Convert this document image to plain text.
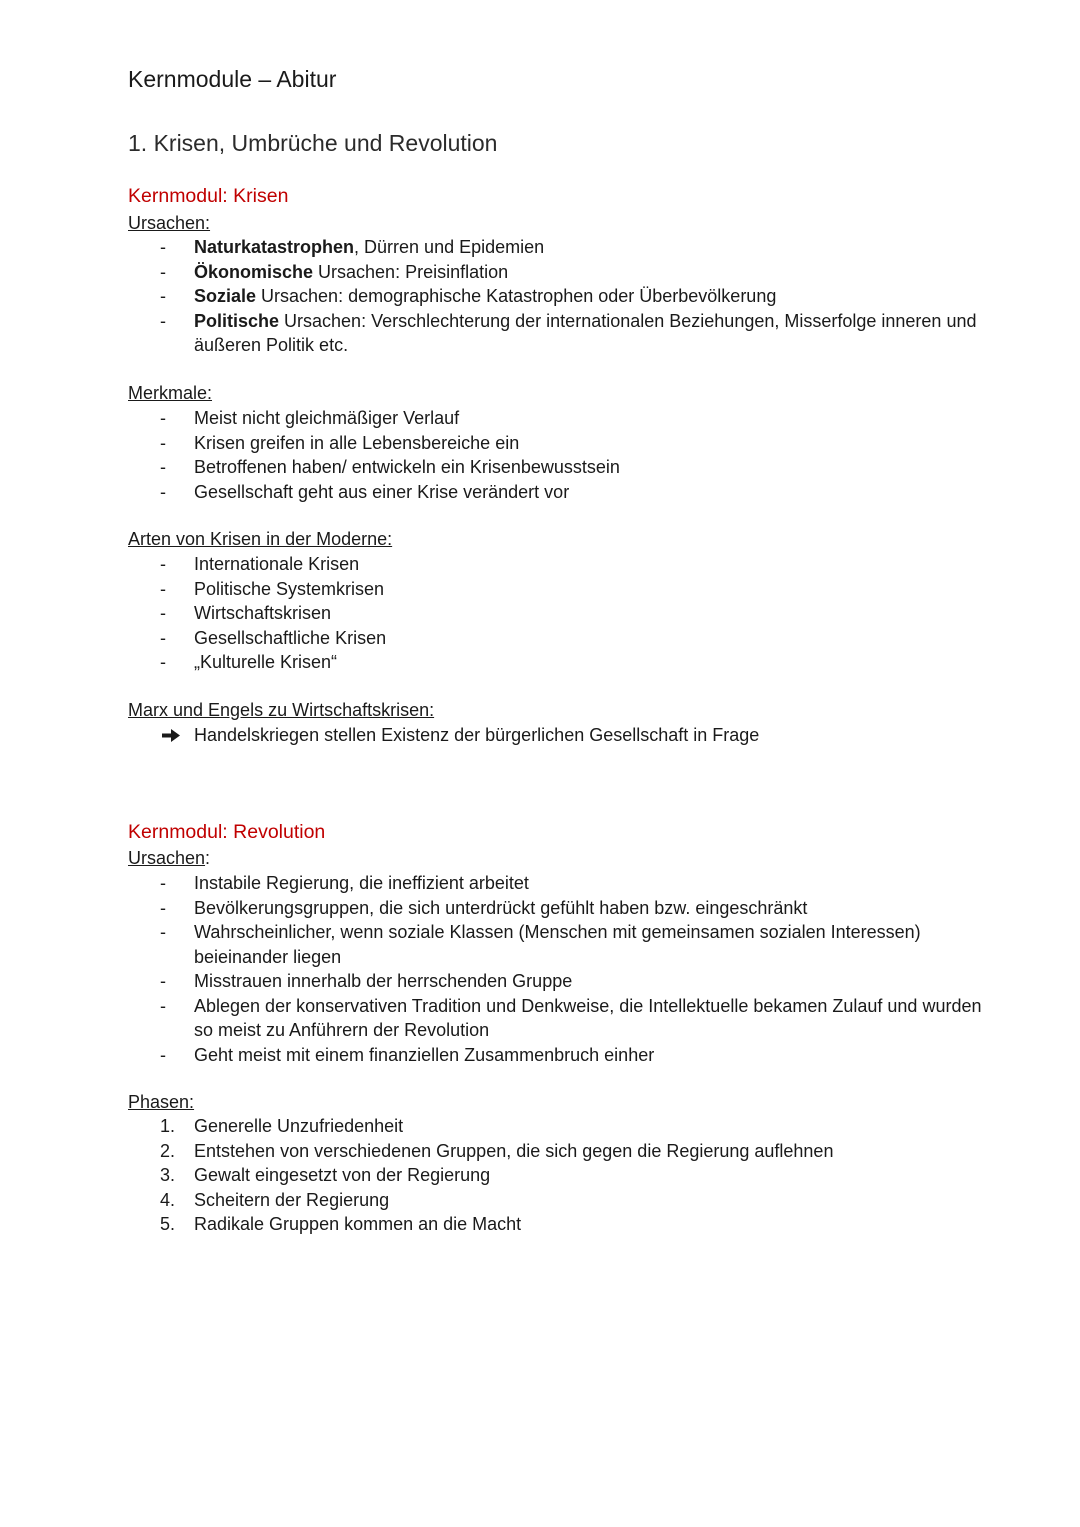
Kernmodule – Abitur
1. Krisen, Umbrüche und Revolution
Kernmodul: Krisen
Ursachen:
-	Naturkatastrophen, Dürren und Epidemien
-	Ökonomische Ursachen: Preisinflation
-	Soziale Ursachen: demographische Katastrophen oder Überbevölkerung
-	Politische Ursachen: Verschlechterung der internationalen Beziehungen, Misserfolge inneren und äußeren Politik etc.
Merkmale:
-	Meist nicht gleichmäßiger Verlauf
-	Krisen greifen in alle Lebensbereiche ein
-	Betroffenen haben/ entwickeln ein Krisenbewusstsein
-	Gesellschaft geht aus einer Krise verändert vor
Arten von Krisen in der Moderne:
-	Internationale Krisen
-	Politische Systemkrisen
-	Wirtschaftskrisen
-	Gesellschaftliche Krisen
-	„Kulturelle Krisen“
Marx und Engels zu Wirtschaftskrisen:
Handelskriegen stellen Existenz der bürgerlichen Gesellschaft in Frage
Kernmodul: Revolution
Ursachen:
-	Instabile Regierung, die ineffizient arbeitet
-	Bevölkerungsgruppen, die sich unterdrückt gefühlt haben bzw. eingeschränkt
-	Wahrscheinlicher, wenn soziale Klassen (Menschen mit gemeinsamen sozialen Interessen) beieinander liegen
-	Misstrauen innerhalb der herrschenden Gruppe
-	Ablegen der konservativen Tradition und Denkweise, die Intellektuelle bekamen Zulauf und wurden so meist zu Anführern der Revolution
-	Geht meist mit einem finanziellen Zusammenbruch einher
Phasen:
1. Generelle Unzufriedenheit
2. Entstehen von verschiedenen Gruppen, die sich gegen die Regierung auflehnen
3. Gewalt eingesetzt von der Regierung
4. Scheitern der Regierung
5. Radikale Gruppen kommen an die Macht
